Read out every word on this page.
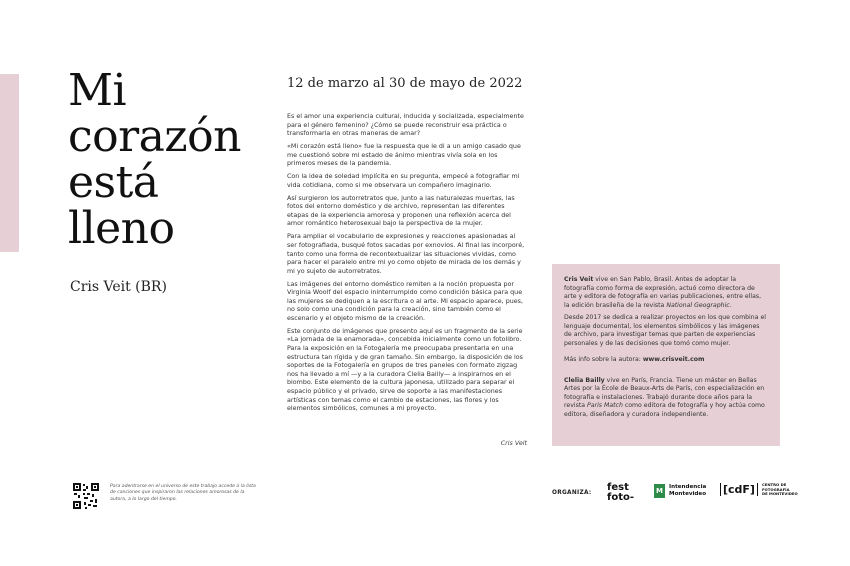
Mi
corazón
está
lleno
Cris Veit (BR)
12 de marzo al 30 de mayo de 2022

Es el amor una experiencia cultural, inducida y socializada, especialmente para el género femenino? ¿Cómo se puede reconstruir esa práctica o transformarla en otras maneras de amar?

«Mi corazón está lleno» fue la respuesta que le di a un amigo casado que me cuestionó sobre mi estado de ánimo mientras vivía sola en los primeros meses de la pandemia.

Con la idea de soledad implícita en su pregunta, empecé a fotografiar mi vida cotidiana, como si me observara un compañero imaginario.

Así surgieron los autorretratos que, junto a las naturalezas muertas, las fotos del entorno doméstico y de archivo, representan las diferentes etapas de la experiencia amorosa y proponen una reflexión acerca del amor romántico heterosexual bajo la perspectiva de la mujer.

Para ampliar el vocabulario de expresiones y reacciones apasionadas al ser fotografiada, busqué fotos sacadas por exnovios. Al final las incorporé, tanto como una forma de recontextualizar las situaciones vividas, como para hacer el paralelo entre mi yo como objeto de mirada de los demás y mi yo sujeto de autorretratos.

Las imágenes del entorno doméstico remiten a la noción propuesta por Virginia Woolf del espacio ininterrumpido como condición básica para que las mujeres se dediquen a la escritura o al arte. Mi espacio aparece, pues, no solo como una condición para la creación, sino también como el escenario y el objeto mismo de la creación.

Este conjunto de imágenes que presento aquí es un fragmento de la serie «La jornada de la enamorada», concebida inicialmente como un fotolibro. Para la exposición en la Fotogalería me preocupaba presentarla en una estructura tan rígida y de gran tamaño. Sin embargo, la disposición de los soportes de la Fotogalería en grupos de tres paneles con formato zigzag nos ha llevado a mí —y a la curadora Clelia Bailly— a inspirarnos en el biombo. Este elemento de la cultura japonesa, utilizado para separar el espacio público y el privado, sirve de soporte a las manifestaciones artísticas con temas como el cambio de estaciones, las flores y los elementos simbólicos, comunes a mi proyecto.

Cris Veit

Cris Veit vive en San Pablo, Brasil. Antes de adoptar la fotografía como forma de expresión, actuó como directora de arte y editora de fotografía en varias publicaciones, entre ellas, la edición brasileña de la revista National Geographic.

Desde 2017 se dedica a realizar proyectos en los que combina el lenguaje documental, los elementos simbólicos y las imágenes de archivo, para investigar temas que parten de experiencias personales y de las decisiones que tomó como mujer.

Más info sobre la autora: www.crisveit.com

Clelia Bailly vive en París, Francia. Tiene un máster en Bellas Artes por la École de Beaux-Arts de París, con especialización en fotografía e instalaciones. Trabajó durante doce años para la revista Paris Match como editora de fotografía y hoy actúa como editora, diseñadora y curadora independiente.

Para adentrarse en el universo de este trabajo accede a la lista de canciones que inspiraron las relaciones amorosas de la autora, a lo largo del tiempo.
ORGANIZA: fest
foto-
M	Intendencia
Montevideo [cdF]	CENTRO DE
FOTOGRAFÍA
DE MONTEVIDEO
